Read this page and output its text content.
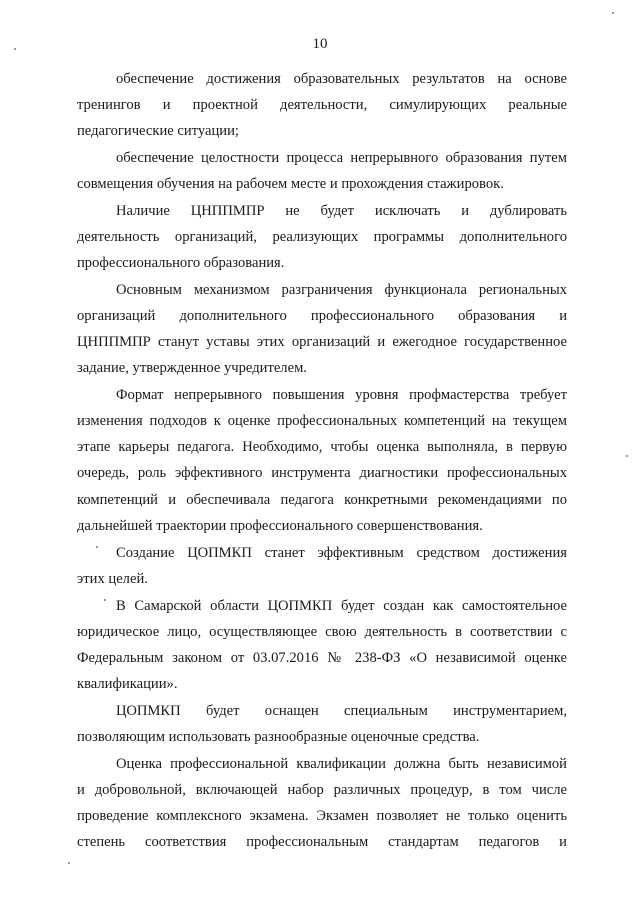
10
обеспечение достижения образовательных результатов на основе
тренингов и проектной деятельности, симулирующих реальные
педагогические ситуации;
обеспечение целостности процесса непрерывного образования путем
совмещения обучения на рабочем месте и прохождения стажировок.
Наличие ЦНППМПР не будет исключать и дублировать
деятельность организаций, реализующих программы дополнительного
профессионального образования.
Основным механизмом разграничения функционала региональных
организаций дополнительного профессионального образования и
ЦНППМПР станут уставы этих организаций и ежегодное государственное
задание, утвержденное учредителем.
Формат непрерывного повышения уровня профмастерства требует
изменения подходов к оценке профессиональных компетенций на текущем
этапе карьеры педагога. Необходимо, чтобы оценка выполняла, в первую
очередь, роль эффективного инструмента диагностики профессиональных
компетенций и обеспечивала педагога конкретными рекомендациями по
дальнейшей траектории профессионального совершенствования.
Создание ЦОПМКП станет эффективным средством достижения
этих целей.
В Самарской области ЦОПМКП будет создан как самостоятельное
юридическое лицо, осуществляющее свою деятельность в соответствии с
Федеральным законом от 03.07.2016 № 238-ФЗ «О независимой оценке
квалификации».
ЦОПМКП будет оснащен специальным инструментарием,
позволяющим использовать разнообразные оценочные средства.
Оценка профессиональной квалификации должна быть независимой
и добровольной, включающей набор различных процедур, в том числе
проведение комплексного экзамена. Экзамен позволяет не только оценить
степень соответствия профессиональным стандартам педагогов и
